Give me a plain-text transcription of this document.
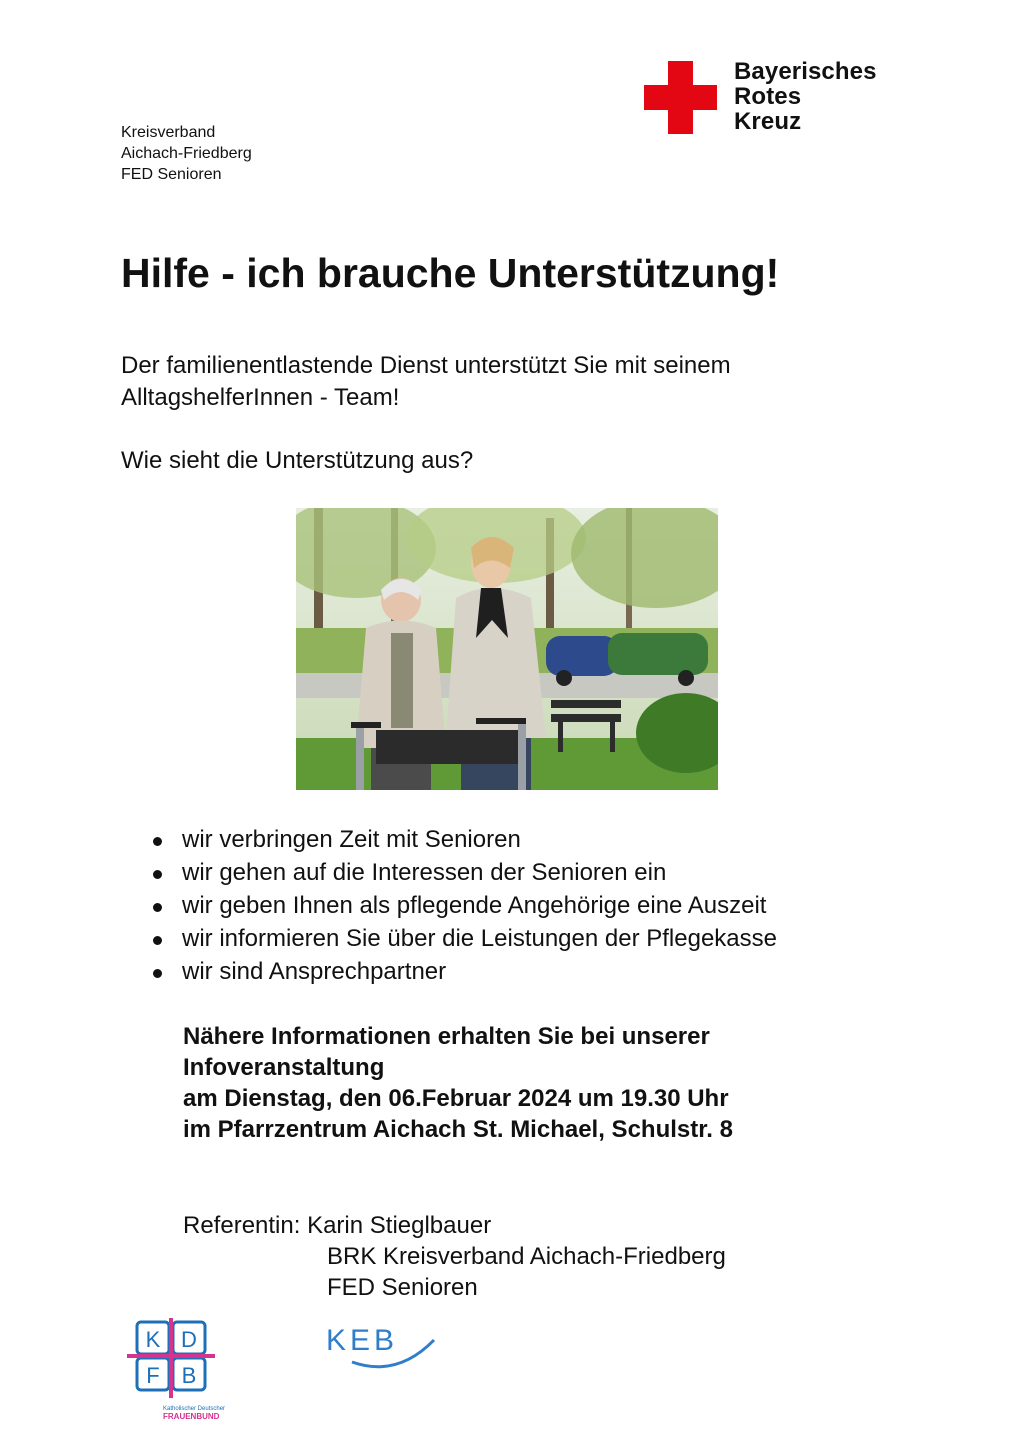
Kreisverband
Aichach-Friedberg
FED Senioren
Bayerisches
Rotes
Kreuz
Hilfe - ich brauche Unterstützung!
Der familienentlastende Dienst unterstützt Sie mit seinem AlltagshelferInnen - Team!
Wie sieht die Unterstützung aus?
wir verbringen Zeit mit Senioren
wir gehen auf die Interessen der Senioren ein
wir geben Ihnen als pflegende Angehörige eine Auszeit
wir informieren Sie über die Leistungen der Pflegekasse
wir sind Ansprechpartner
Nähere Informationen erhalten Sie bei unserer
Infoveranstaltung
am Dienstag, den 06.Februar 2024 um 19.30 Uhr
im Pfarrzentrum Aichach St. Michael, Schulstr. 8
Referentin: Karin Stieglbauer
BRK Kreisverband Aichach-Friedberg
FED Senioren
K D
F B
Katholischer Deutscher
FRAUENBUND
KEB
